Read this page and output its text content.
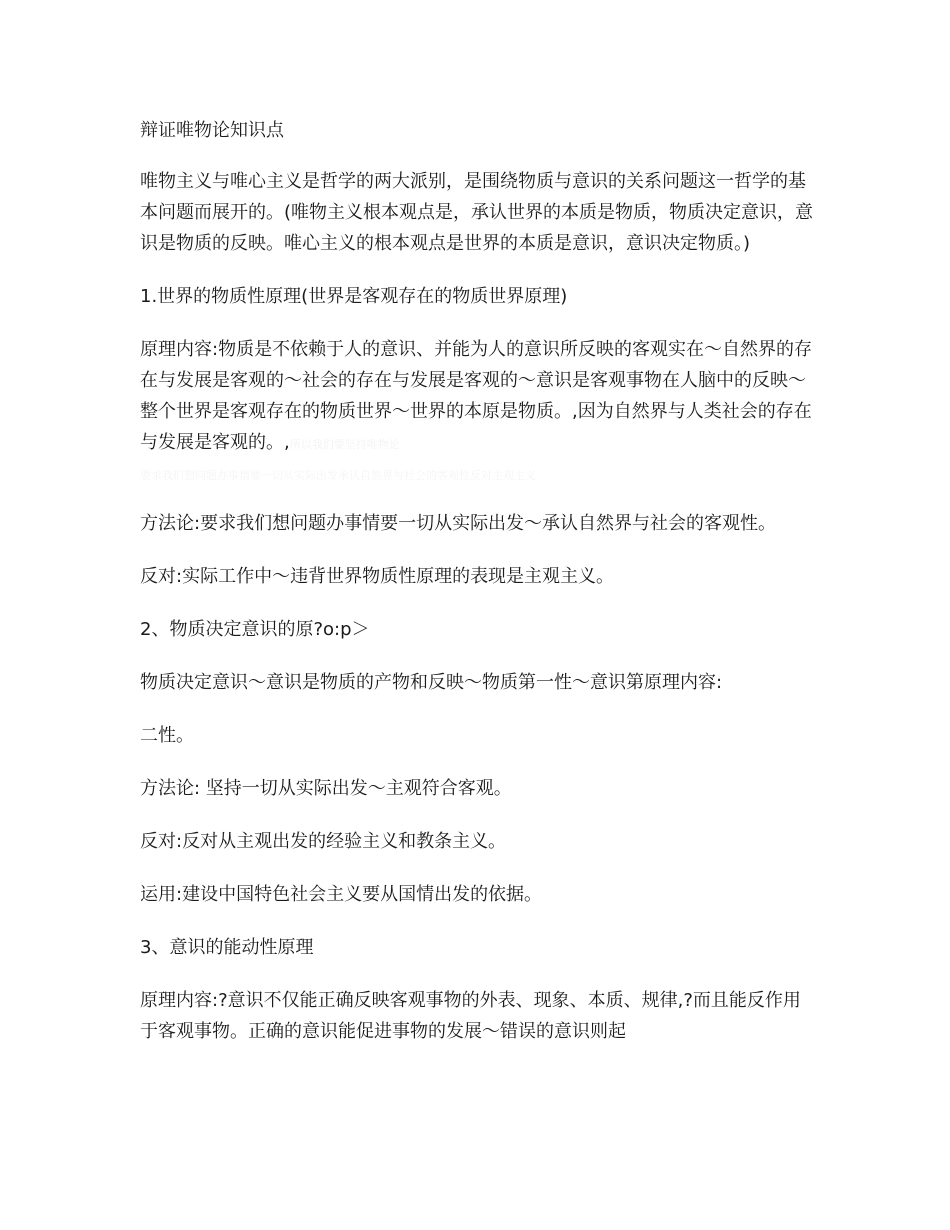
辩证唯物论知识点
唯物主义与唯心主义是哲学的两大派别，是围绕物质与意识的关系问题这一哲学的基本问题而展开的。(唯物主义根本观点是，承认世界的本质是物质，物质决定意识，意识是物质的反映。唯心主义的根本观点是世界的本质是意识，意识决定物质。)
1.世界的物质性原理(世界是客观存在的物质世界原理)
原理内容:物质是不依赖于人的意识、并能为人的意识所反映的客观实在～自然界的存在与发展是客观的～社会的存在与发展是客观的～意识是客观事物在人脑中的反映～整个世界是客观存在的物质世界～世界的本原是物质。,因为自然界与人类社会的存在与发展是客观的。,所以我们要坚持唯物论
要求我们想问题办事情要一切从实际出发承认自然界与社会的客观性反对主观主义
方法论:要求我们想问题办事情要一切从实际出发～承认自然界与社会的客观性。
反对:实际工作中～违背世界物质性原理的表现是主观主义。
2、物质决定意识的原?o:p＞
物质决定意识～意识是物质的产物和反映～物质第一性～意识第原理内容:
二性。
方法论: 坚持一切从实际出发～主观符合客观。
反对:反对从主观出发的经验主义和教条主义。
运用:建设中国特色社会主义要从国情出发的依据。
3、意识的能动性原理
原理内容:?意识不仅能正确反映客观事物的外表、现象、本质、规律,?而且能反作用于客观事物。正确的意识能促进事物的发展～错误的意识则起
